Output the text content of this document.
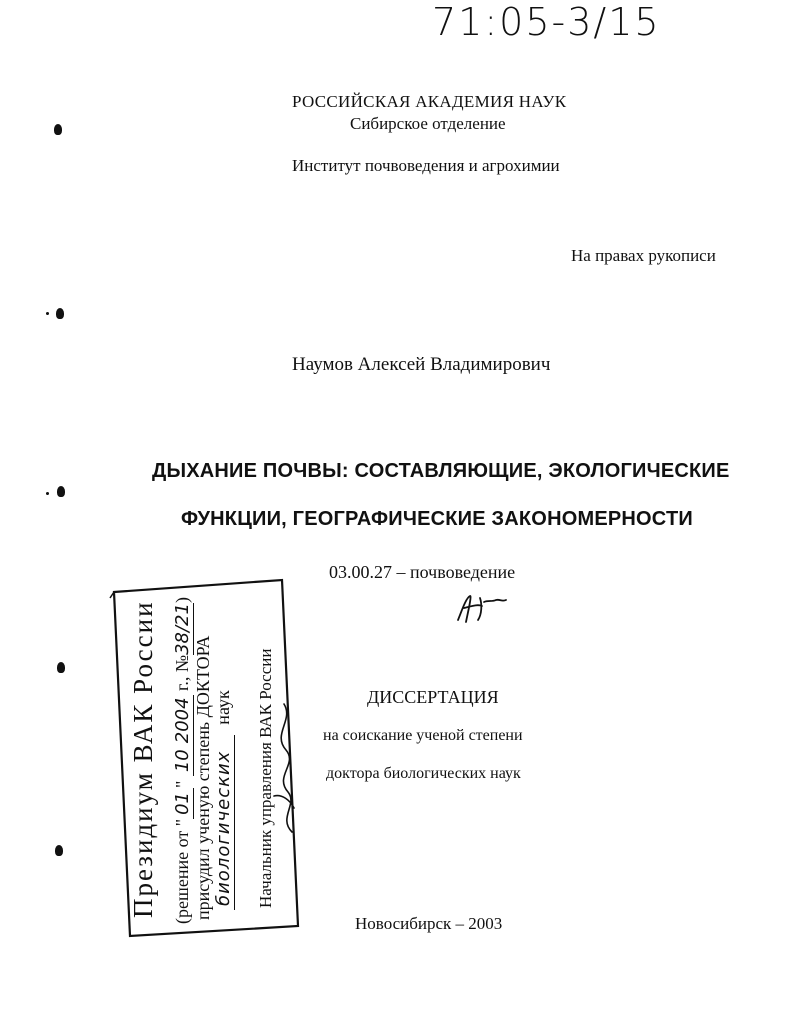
71:05-3/15
РОССИЙСКАЯ АКАДЕМИЯ НАУК
Сибирское отделение
Институт почвоведения и агрохимии
На правах рукописи
Наумов Алексей Владимирович
ДЫХАНИЕ ПОЧВЫ: СОСТАВЛЯЮЩИЕ, ЭКОЛОГИЧЕСКИЕ
ФУНКЦИИ, ГЕОГРАФИЧЕСКИЕ ЗАКОНОМЕРНОСТИ
03.00.27 – почвоведение
ДИССЕРТАЦИЯ
на соискание ученой степени
доктора биологических наук
Новосибирск – 2003
Президиум ВАК России (решение от "01" 102004 г., №38/21)
присудил ученую степень ДОКТОРА биологическихнаук Начальник управления ВАК России
